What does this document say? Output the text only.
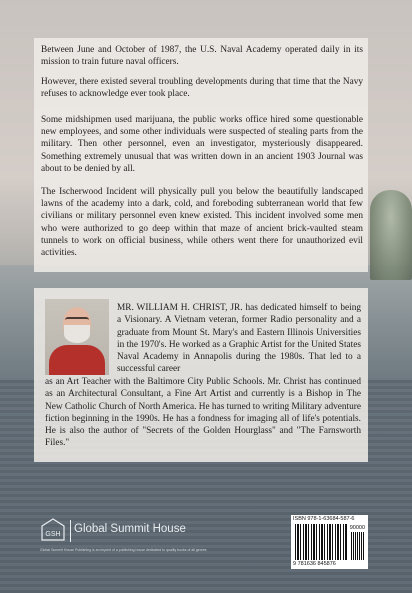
Between June and October of 1987, the U.S. Naval Academy operated daily in its mission to train future naval officers.

However, there existed several troubling developments during that time that the Navy refuses to acknowledge ever took place.

Some midshipmen used marijuana, the public works office hired some questionable new employees, and some other individuals were suspected of stealing parts from the military. Then other personnel, even an investigator, mysteriously disappeared. Something extremely unusual that was written down in an ancient 1903 Journal was about to be denied by all.

The Ischerwood Incident will physically pull you below the beautifully landscaped lawns of the academy into a dark, cold, and foreboding subterranean world that few civilians or military personnel even knew existed. This incident involved some men who were authorized to go deep within that maze of ancient brick-vaulted steam tunnels to work on official business, while others went there for unauthorized evil activities.

MR. WILLIAM H. CHRIST, JR. has dedicated himself to being a Visionary. A Vietnam veteran, former Radio personality and a graduate from Mount St. Mary's and Eastern Illinois Universities in the 1970's. He worked as a Graphic Artist for the United States Naval Academy in Annapolis during the 1980s. That led to a successful career

as an Art Teacher with the Baltimore City Public Schools. Mr. Christ has continued as an Architectural Consultant, a Fine Art Artist and currently is a Bishop in The New Catholic Church of North America. He has turned to writing Military adventure fiction beginning in the 1990s. He has a fondness for imaging all of life's potentials. He is also the author of "Secrets of the Golden Hourglass" and "The Farnsworth Files."

GSH Global Summit House
Global Summit House Publishing is an imprint of a publishing house dedicated to quality books of all genres
ISBN 978-1-63684-587-6
90000
9 781636 845876
